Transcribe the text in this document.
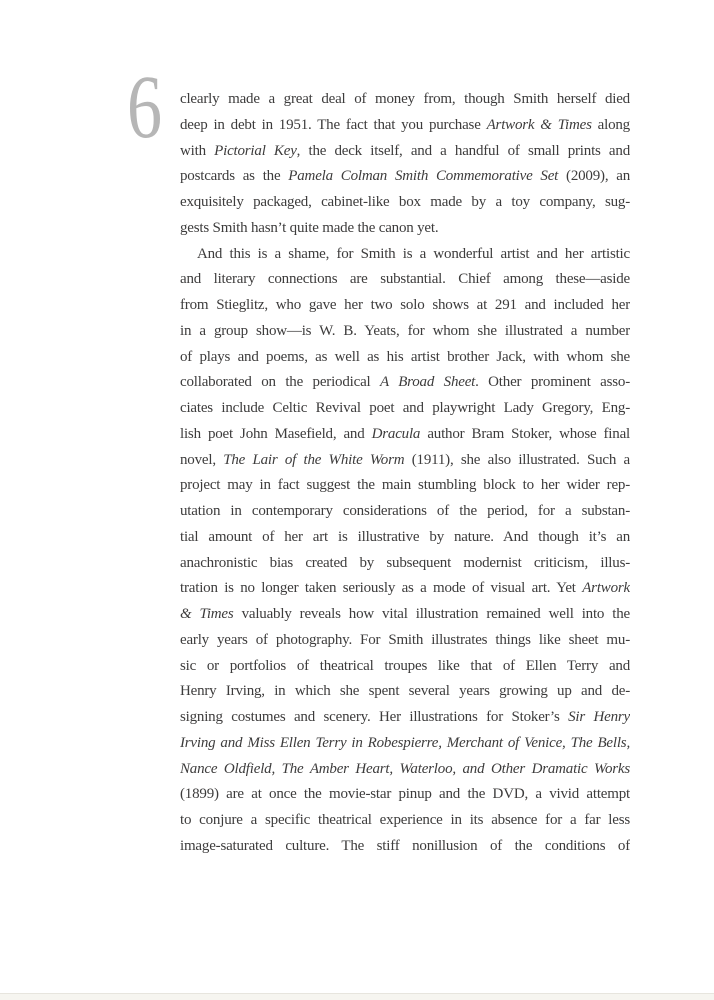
6 clearly made a great deal of money from, though Smith herself died
deep in debt in 1951. The fact that you purchase Artwork & Times along
with Pictorial Key, the deck itself, and a handful of small prints and
postcards as the Pamela Colman Smith Commemorative Set (2009), an
exquisitely packaged, cabinet-like box made by a toy company, sug-
gests Smith hasn’t quite made the canon yet.
And this is a shame, for Smith is a wonderful artist and her artistic
and literary connections are substantial. Chief among these—aside
from Stieglitz, who gave her two solo shows at 291 and included her
in a group show—is W. B. Yeats, for whom she illustrated a number
of plays and poems, as well as his artist brother Jack, with whom she
collaborated on the periodical A Broad Sheet. Other prominent asso-
ciates include Celtic Revival poet and playwright Lady Gregory, Eng-
lish poet John Masefield, and Dracula author Bram Stoker, whose final
novel, The Lair of the White Worm (1911), she also illustrated. Such a
project may in fact suggest the main stumbling block to her wider rep-
utation in contemporary considerations of the period, for a substan-
tial amount of her art is illustrative by nature. And though it’s an
anachronistic bias created by subsequent modernist criticism, illus-
tration is no longer taken seriously as a mode of visual art. Yet Artwork
& Times valuably reveals how vital illustration remained well into the
early years of photography. For Smith illustrates things like sheet mu-
sic or portfolios of theatrical troupes like that of Ellen Terry and
Henry Irving, in which she spent several years growing up and de-
signing costumes and scenery. Her illustrations for Stoker’s Sir Henry
Irving and Miss Ellen Terry in Robespierre, Merchant of Venice, The Bells,
Nance Oldfield, The Amber Heart, Waterloo, and Other Dramatic Works
(1899) are at once the movie-star pinup and the DVD, a vivid attempt
to conjure a specific theatrical experience in its absence for a far less
image-saturated culture. The stiff nonillusion of the conditions of
